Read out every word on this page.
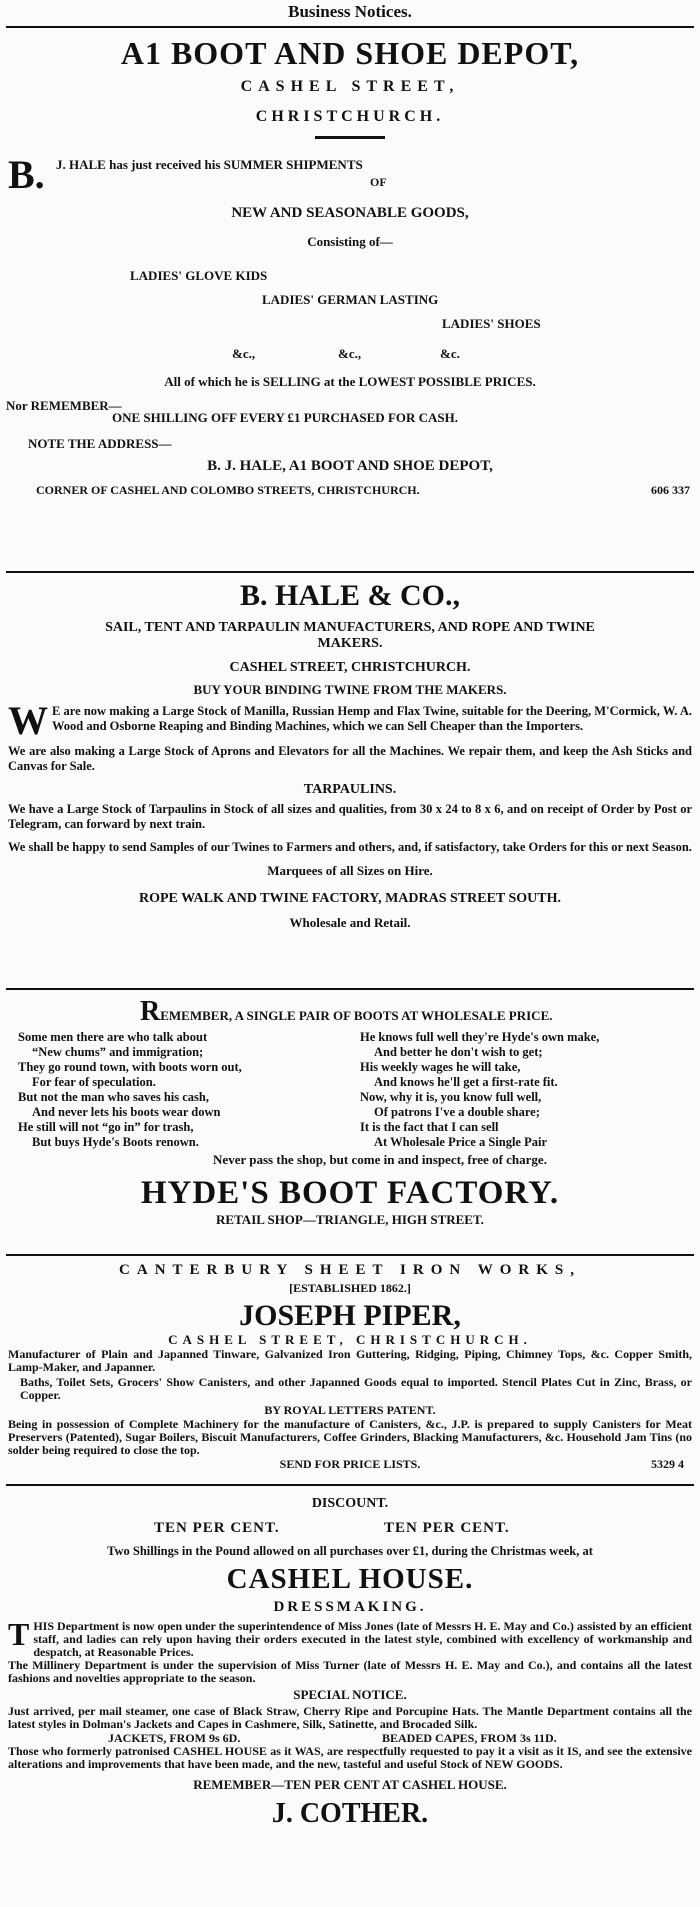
Business Notices.
A1 BOOT AND SHOE DEPOT,
CASHEL STREET,
CHRISTCHURCH.
B. J. HALE has just received his SUMMER SHIPMENTS
OF
NEW AND SEASONABLE GOODS,
Consisting of—
LADIES' GLOVE KIDS
LADIES' GERMAN LASTING
LADIES' SHOES
&c.,	&c.,	&c.
All of which he is SELLING at the LOWEST POSSIBLE PRICES.
Nor REMEMBER—
ONE SHILLING OFF EVERY £1 PURCHASED FOR CASH.
NOTE THE ADDRESS—
B. J. HALE, A1 BOOT AND SHOE DEPOT,
CORNER OF CASHEL AND COLOMBO STREETS, CHRISTCHURCH.	606 337
B. HALE & CO.,
SAIL, TENT AND TARPAULIN MANUFACTURERS, AND ROPE AND TWINE
MAKERS.
CASHEL STREET, CHRISTCHURCH.
BUY YOUR BINDING TWINE FROM THE MAKERS.
W E are now making a Large Stock of Manilla, Russian Hemp and Flax Twine, suitable for the Deering, M'Cormick, W. A. Wood and Osborne Reaping and Binding Machines, which we can Sell Cheaper than the Importers.
We are also making a Large Stock of Aprons and Elevators for all the Machines. We repair them, and keep the Ash Sticks and Canvas for Sale.
TARPAULINS.
We have a Large Stock of Tarpaulins in Stock of all sizes and qualities, from 30 x 24 to 8 x 6, and on receipt of Order by Post or Telegram, can forward by next train.
We shall be happy to send Samples of our Twines to Farmers and others, and, if satisfactory, take Orders for this or next Season.
Marquees of all Sizes on Hire.
ROPE WALK AND TWINE FACTORY, MADRAS STREET SOUTH.
Wholesale and Retail.
REMEMBER, A SINGLE PAIR OF BOOTS AT WHOLESALE PRICE.
Some men there are who talk about
“New chums” and immigration;
They go round town, with boots worn out,
For fear of speculation.
But not the man who saves his cash,
And never lets his boots wear down
He still will not “go in” for trash,
But buys Hyde's Boots renown.
He knows full well they're Hyde's own make,
And better he don't wish to get;
His weekly wages he will take,
And knows he'll get a first-rate fit.
Now, why it is, you know full well,
Of patrons I've a double share;
It is the fact that I can sell
At Wholesale Price a Single Pair
Never pass the shop, but come in and inspect, free of charge.
HYDE'S BOOT FACTORY.
RETAIL SHOP—TRIANGLE, HIGH STREET.
CANTERBURY SHEET IRON WORKS,
[ESTABLISHED 1862.]
JOSEPH PIPER,
CASHEL STREET, CHRISTCHURCH.
Manufacturer of Plain and Japanned Tinware, Galvanized Iron Guttering, Ridging, Piping, Chimney Tops, &c. Copper Smith, Lamp-Maker, and Japanner.
Baths, Toilet Sets, Grocers' Show Canisters, and other Japanned Goods equal to imported. Stencil Plates Cut in Zinc, Brass, or Copper.
BY ROYAL LETTERS PATENT.
Being in possession of Complete Machinery for the manufacture of Canisters, &c., J.P. is prepared to supply Canisters for Meat Preservers (Patented), Sugar Boilers, Biscuit Manufacturers, Coffee Grinders, Blacking Manufacturers, &c. Household Jam Tins (no solder being required to close the top.
SEND FOR PRICE LISTS.	5329 4
DISCOUNT.
TEN PER CENT.	TEN PER CENT.
Two Shillings in the Pound allowed on all purchases over £1, during the Christmas week, at
CASHEL HOUSE.
DRESSMAKING.
THIS Department is now open under the superintendence of Miss Jones (late of Messrs H. E. May and Co.) assisted by an efficient staff, and ladies can rely upon having their orders executed in the latest style, combined with excellency of workmanship and despatch, at Reasonable Prices.
The Millinery Department is under the supervision of Miss Turner (late of Messrs H. E. May and Co.), and contains all the latest fashions and novelties appropriate to the season.
SPECIAL NOTICE.
Just arrived, per mail steamer, one case of Black Straw, Cherry Ripe and Porcupine Hats. The Mantle Department contains all the latest styles in Dolman's Jackets and Capes in Cashmere, Silk, Satinette, and Brocaded Silk.
JACKETS, FROM 9s 6D.	BEADED CAPES, FROM 3s 11D.
Those who formerly patronised CASHEL HOUSE as it WAS, are respectfully requested to pay it a visit as it IS, and see the extensive alterations and improvements that have been made, and the new, tasteful and useful Stock of NEW GOODS.
REMEMBER—TEN PER CENT AT CASHEL HOUSE.
J. COTHER.
